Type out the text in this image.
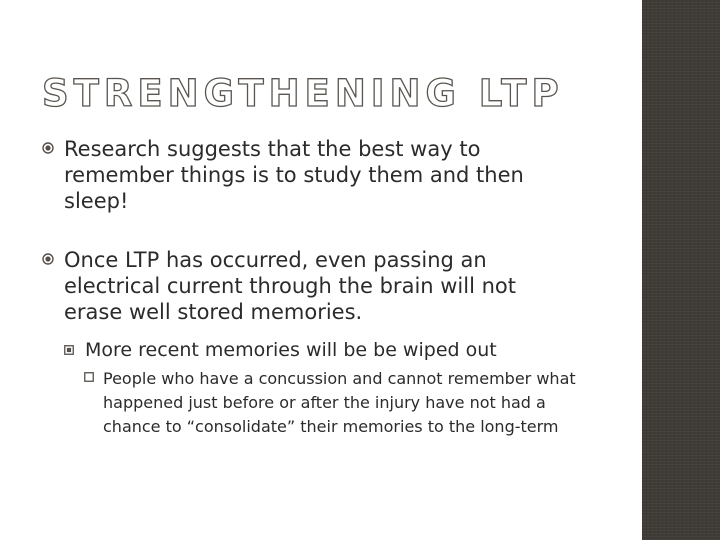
STRENGTHENING LTP
Research suggests that the best way to remember things is to study them and then sleep!
Once LTP has occurred, even passing an electrical current through the brain will not erase well stored memories.
More recent memories will be be wiped out
People who have a concussion and cannot remember what happened just before or after the injury have not had a chance to “consolidate” their memories to the long-term
